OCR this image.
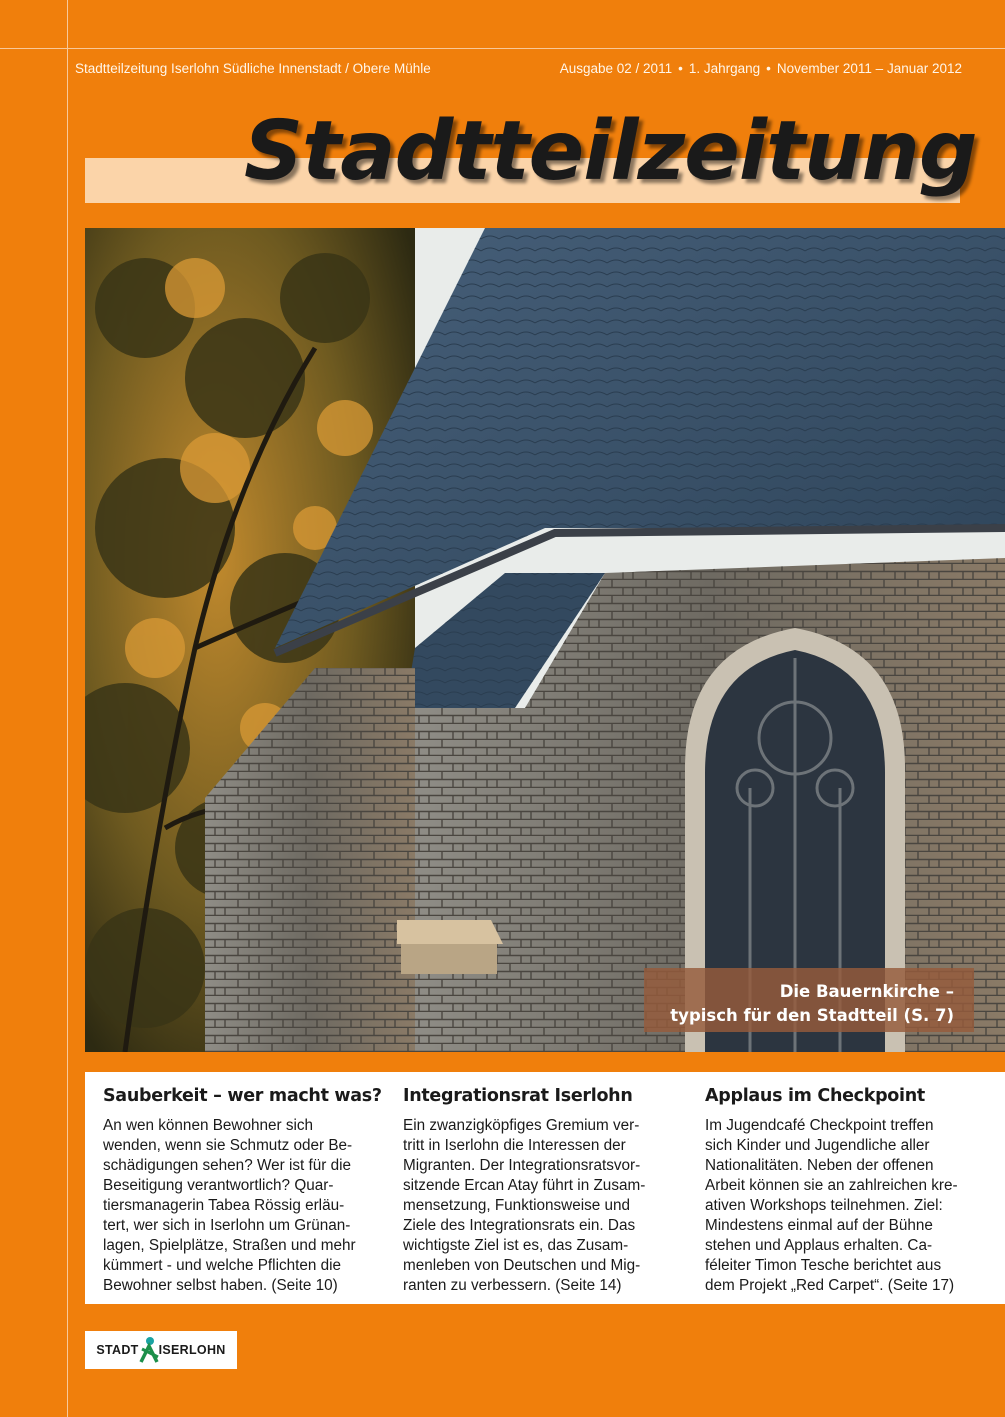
Stadtteilzeitung Iserlohn Südliche Innenstadt / Obere Mühle	Ausgabe 02 / 2011 • 1. Jahrgang • November 2011 – Januar 2012
Stadtteilzeitung
Die Bauernkirche –
typisch für den Stadtteil (S. 7)
Sauberkeit – wer macht was?
An wen können Bewohner sich
wenden, wenn sie Schmutz oder Be-
schädigungen sehen? Wer ist für die
Beseitigung verantwortlich? Quar-
tiersmanagerin Tabea Rössig erläu-
tert, wer sich in Iserlohn um Grünan-
lagen, Spielplätze, Straßen und mehr
kümmert - und welche Pflichten die
Bewohner selbst haben. (Seite 10)
Integrationsrat Iserlohn
Ein zwanzigköpfiges Gremium ver-
tritt in Iserlohn die Interessen der
Migranten. Der Integrationsratsvor-
sitzende Ercan Atay führt in Zusam-
mensetzung, Funktionsweise und
Ziele des Integrationsrats ein. Das
wichtigste Ziel ist es, das Zusam-
menleben von Deutschen und Mig-
ranten zu verbessern. (Seite 14)
Applaus im Checkpoint
Im Jugendcafé Checkpoint treffen
sich Kinder und Jugendliche aller
Nationalitäten. Neben der offenen
Arbeit können sie an zahlreichen kre-
ativen Workshops teilnehmen. Ziel:
Mindestens einmal auf der Bühne
stehen und Applaus erhalten. Ca-
féleiter Timon Tesche berichtet aus
dem Projekt „Red Carpet“. (Seite 17)
STADT ISERLOHN
